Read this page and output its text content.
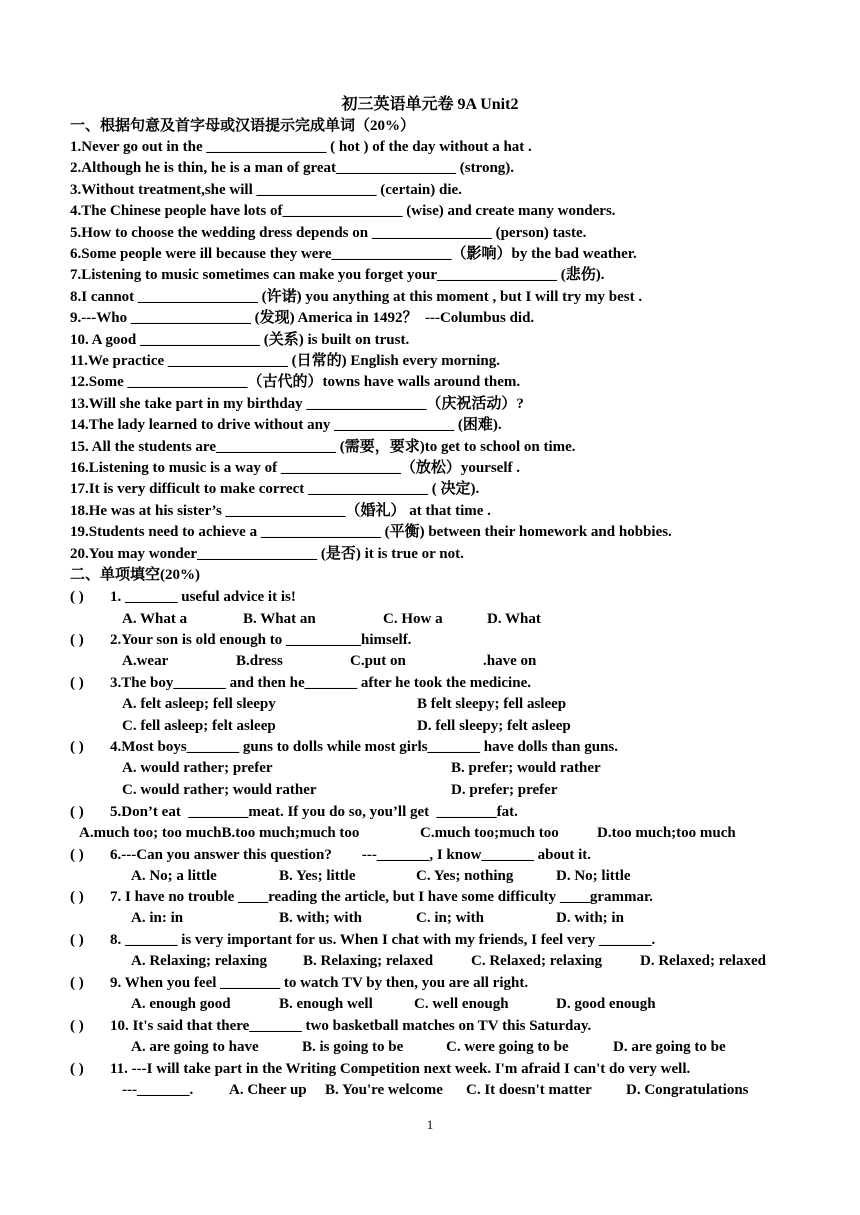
初三英语单元卷 9A Unit2
一、根据句意及首字母或汉语提示完成单词（20%）
1.Never go out in the ________________ ( hot ) of the day without a hat .
2.Although he is thin, he is a man of great________________ (strong).
3.Without treatment,she will ________________ (certain) die.
4.The Chinese people have lots of________________ (wise) and create many wonders.
5.How to choose the wedding dress depends on ________________ (person) taste.
6.Some people were ill because they were________________（影响）by the bad weather.
7.Listening to music sometimes can make you forget your________________ (悲伤).
8.I cannot ________________ (许诺) you anything at this moment , but I will try my best .
9.---Who ________________ (发现) America in 1492？  ---Columbus did.
10. A good ________________ (关系) is built on trust.
11.We practice ________________ (日常的) English every morning.
12.Some ________________（古代的）towns have walls around them.
13.Will she take part in my birthday ________________（庆祝活动）?
14.The lady learned to drive without any ________________ (困难).
15. All the students are________________ (需要，要求)to get to school on time.
16.Listening to music is a way of ________________（放松）yourself .
17.It is very difficult to make correct ________________ ( 决定).
18.He was at his sister’s ________________（婚礼） at that time .
19.Students need to achieve a ________________ (平衡) between their homework and hobbies.
20.You may wonder________________ (是否) it is true or not.
二、单项填空(20%)
( ) 1. _______ useful advice it is!
A. What a	B. What an	C. How a	D. What
( ) 2.Your son is old enough to __________himself.
A.wear	B.dress	C.put on	.have on
( ) 3.The boy_______ and then he_______ after he took the medicine.
A. felt asleep; fell sleepy	B felt sleepy; fell asleep
C. fell asleep; felt asleep	D. fell sleepy; felt asleep
( ) 4.Most boys_______ guns to dolls while most girls_______ have dolls than guns.
A. would rather; prefer	B. prefer; would rather
C. would rather; would rather	D. prefer; prefer
( ) 5.Don’t eat  ________meat. If you do so, you’ll get  ________fat.
A.much too; too muchB.too much;much too	C.much too;much too	D.too much;too much
( ) 6.---Can you answer this question?        ---_______, I know_______ about it.
A. No; a little	B. Yes; little	C. Yes; nothing	D. No; little
( ) 7. I have no trouble ____reading the article, but I have some difficulty ____grammar.
A. in: in	B. with; with	C. in; with	D. with; in
( ) 8. _______ is very important for us. When I chat with my friends, I feel very _______.
A. Relaxing; relaxing B. Relaxing; relaxed	C. Relaxed; relaxing	D. Relaxed; relaxed
( ) 9. When you feel ________ to watch TV by then, you are all right.
A. enough good	B. enough well	C. well enough	D. good enough
( ) 10. It's said that there_______ two basketball matches on TV this Saturday.
A. are going to have	B. is going to be	C. were going to be	D. are going to be
( ) 11. ---I will take part in the Writing Competition next week. I'm afraid I can't do very well.
---_______. A. Cheer up B. You're welcome C. It doesn't matter D. Congratulations
1
